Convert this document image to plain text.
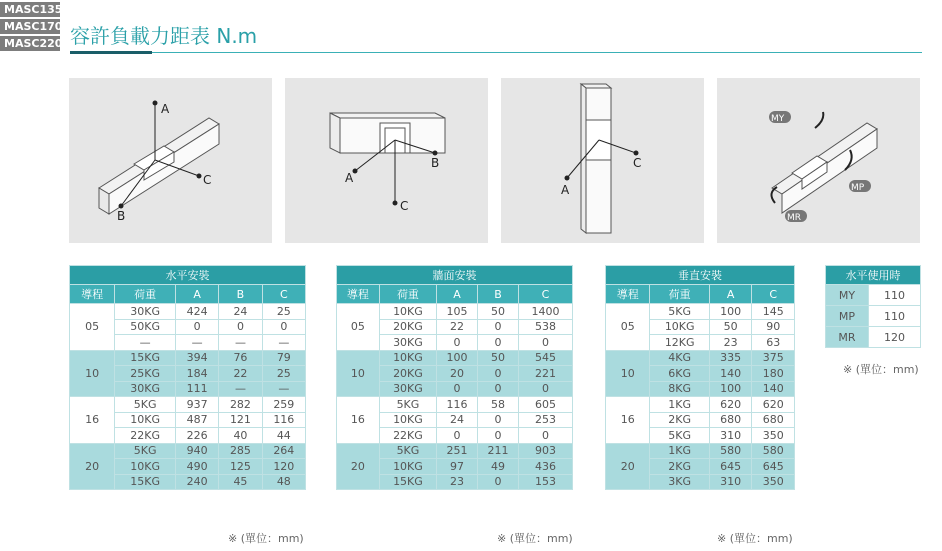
MASC135
MASC170
MASC220 容許負載力距表 N.m
A
C
B
B
A
C
C
A
MY
MP
MR
水平安裝				
導程	荷重	A	B	C
05	30KG	424	24	25
	50KG	0	0	0
	—	—	—	—
10	15KG	394	76	79
	25KG	184	22	25
	30KG	111	—	—
16	5KG	937	282	259
	10KG	487	121	116
	22KG	226	40	44
20	5KG	940	285	264
	10KG	490	125	120
	15KG	240	45	48
※ (單位：mm)
牆面安裝				
導程	荷重	A	B	C
05	10KG	105	50	1400
	20KG	22	0	538
	30KG	0	0	0
10	10KG	100	50	545
	20KG	20	0	221
	30KG	0	0	0
16	5KG	116	58	605
	10KG	24	0	253
	22KG	0	0	0
20	5KG	251	211	903
	10KG	97	49	436
	15KG	23	0	153
※ (單位：mm)
垂直安裝			
導程	荷重	A	C
05	5KG	100	145
	10KG	50	90
	12KG	23	63
10	4KG	335	375
	6KG	140	180
	8KG	100	140
16	1KG	620	620
	2KG	680	680
	5KG	310	350
20	1KG	580	580
	2KG	645	645
	3KG	310	350
※ (單位：mm)
水平使用時	
MY	110
MP	110
MR	120
※ (單位：mm)
